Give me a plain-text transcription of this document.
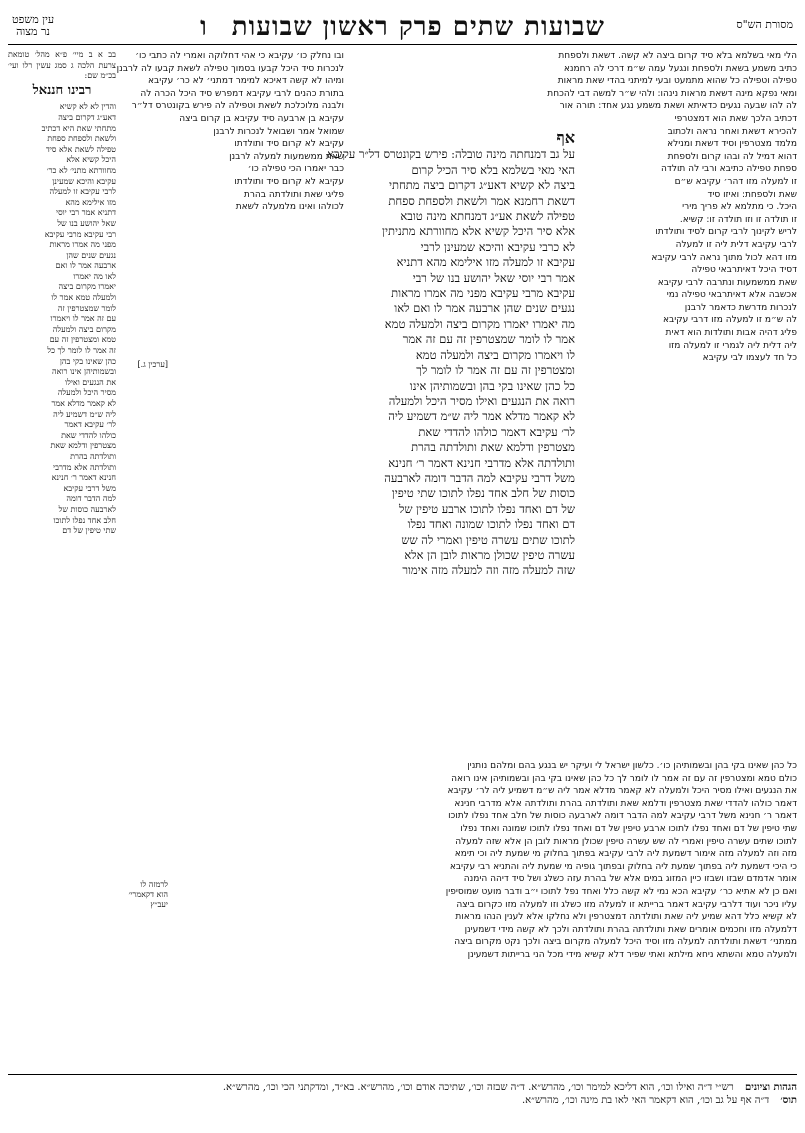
מסורת הש"ס
שבועות שתים פרק ראשון שבועות ו
עין משפט
נר מצוה
הלי מאי בשלמא בלא סיד קרום ביצה לא קשה. דשאת ולספחת
כתיב משמע בשאת ולספחת ונגעל עמה ש״מ דרכי לה רחמנא
טפילה וטפילה כל שהוא מתמעט ובעי למיתני בהדי שאת מראות
ומאי נפקא מינה דשאת מראות נינהו: ולהי ש״ר למשה דבי להכחת
לה להו שבעה נגעים כדאיתא ושאת משמע נגע אחד: תורה אור
דכתיב הלכך שאת הוא דמצטרפי
להכירא דשאת ואחר נראה ולכתוב
מלמד מצטרפין וסיד דשאת ומנילא
דהוא דמיל לה ובהו קרום ולספחת
ספחת טפילה כתיבא ורבי לה תולדה
זו למעלה מזו דהר׳ עקיבא ש״ם
שאת ולספחת: ואיזו סיד
היכל. כי מתלמא לא פריך מירי
זו תולדה זו וזו תולדה זו: קשיא.
לריש לקינוך לרבי קרום לסיד ותולדתו
לרבי עקיבא דלית ליה זו למעלה
מזו דהא לכול מתוך נראה לרבי עקיבא
דסיד היכל דאיתרבאי טפילה
שאת ממשמעות ונתרבה לרבי עקיבא
אכשבה אלא דאיתרבאי טפילה נמי
לנכרות מדרשת כדאמר לרבנן
לה ש״מ זו למעלה מזו דרבי עקיבא
פליג דהיה אבות ותולדות הוא דאית
ליה דלית ליה לגמרי זו למעלה מזו
כל חד לעצמו לבי עקיבא
אף
על גב דמנחתה מינה טובלה: פירש בקונטרס דל״ר עקיבא
האי מאי בשלמא בלא סיר הכיל קרום
ביצה לא קשיא דאע״ג דקרום ביצה מתחתי
דשאת רחמנא אמר ולשאת ולספחת ספחת
טפילה לשאת אע״ג דמנחתא מינה טובא
אלא סיר היכל קשיא אלא מחוורתא מתניתין
לא כרבי עקיבא והיכא שמעינן לרבי
עקיבא זו למעלה מזו אילימא מהא דתניא
אמר רבי יוסי שאל יהושע בנו של רבי
עקיבא מרבי עקיבא מפני מה אמרו מראות
נגעים שנים שהן ארבעה אמר לו ואם לאו
מה יאמרו יאמרו מקרום ביצה ולמעלה טמא
אמר לו לומר שמצטרפין זה עם זה אמר
לו ויאמרו מקרום ביצה ולמעלה טמא
ומצטרפין זה עם זה אמר לו לומר לך
כל כהן שאינו בקי בהן ובשמותיהן אינו
רואה את הנגעים ואילו מסיר היכל ולמעלה
לא קאמר מדלא אמר ליה ש״מ דשמיע ליה
לר׳ עקיבא דאמר כולהו להדדי שאת
מצטרפין ודלמא שאת ותולדתה בהרת
ותולדתה אלא מדרבי חנינא דאמר ר׳ חנינא
משל דרבי עקיבא למה הדבר דומה לארבעה
כוסות של חלב אחד נפלו לתוכו שתי טיפין
של דם ואחד נפלו לתוכו ארבע טיפין של
דם ואחד נפלו לתוכו שמונה ואחד נפלו
לתוכו שתים עשרה טיפין ואמרי לה שש
עשרה טיפין שכולן מראות לובן הן אלא
שזה למעלה מזה וזה למעלה מזה אימור
ובו נחלק כו׳ עקיבא כי אהי דחלוקה ואמרי לה כתבי כו׳
לנכרות סיד היכל קבעו בסמוך טפילה לשאת קבעו לה לרבנן
ומיהו לא קשה דאיכא למימר דמתני׳ לא כר׳ עקיבא
בתורת כהנים לרבי עקיבא דמפרש סיד היכל הכרה לה
ולבנה מלוכלכת לשאת וטפילה לה פירש בקונטרס דל״ר
עקיבא בן ארבעה סיד עקיבא בן קרום ביצה
שמואל אמר ושבואל לנכרות לרבנן
עקיבא לא קרום סיד ותולדתו
שאת ממשמעות למעלה לרבנן
כבר יאמרו הכי טפילה כו׳
עקיבא לא קרום סיד ותולדתו
פליגי שאת ותולדתה בהרת
לכולהו ואינו מלמעלה לשאת
בב א ב מיי׳ פ״א מהל׳ טומאת צרעת הלכה ג סמג עשין רלו ועי׳ בכ״מ שם:
רבינו חננאל
והדין לא לא קשיא
דאע״ג דקרום ביצה
מתחתי שאת היא דכתיב
ולשאת ולספחת ספחת
טפילה לשאת אלא סיד
היכל קשיא אלא
מחוורתא מתני׳ לא כר׳
עקיבא והיכא שמעינן
לרבי עקיבא זו למעלה
מזו אילימא מהא
דתניא אמר רבי יוסי
שאל יהושע בנו של
רבי עקיבא מרבי עקיבא
מפני מה אמרו מראות
נגעים שנים שהן
ארבעה אמר לו ואם
לאו מה יאמרו
יאמרו מקרום ביצה
ולמעלה טמא אמר לו
לומר שמצטרפין זה
עם זה אמר לו ויאמרו
מקרום ביצה ולמעלה
טמא ומצטרפין זה עם
זה אמר לו לומר לך כל
כהן שאינו בקי בהן
ובשמותיהן אינו רואה
את הנגעים ואילו
מסיר היכל ולמעלה
לא קאמר מדלא אמר
ליה ש״מ דשמיע ליה
לר׳ עקיבא דאמר
כולהו להדדי שאת
מצטרפין ודלמא שאת
ותולדתה בהרת
ותולדתה אלא מדרבי
חנינא דאמר ר׳ חנינא
משל דרבי עקיבא
למה הדבר דומה
לארבעה כוסות של
חלב אחד נפלו לתוכו
שתי טיפין של דם
[ערכין ג.]
לרמזה לו הוא דקאמרי׳ יעב״ץ
כל כהן שאינו בקי בהן ובשמותיהן כו׳. כלשון ישראל לי ועיקר יש בנגע בהם ומלהם נותנין
כולם טמא ומצטרפין זה עם זה אמר לו לומר לך כל כהן שאינו בקי בהן ובשמותיהן אינו רואה
את הנגעים ואילו מסיר היכל ולמעלה לא קאמר מדלא אמר ליה ש״מ דשמיע ליה לר׳ עקיבא
דאמר כולהו להדדי שאת מצטרפין ודלמא שאת ותולדתה בהרת ותולדתה אלא מדרבי חנינא
דאמר ר׳ חנינא משל דרבי עקיבא למה הדבר דומה לארבעה כוסות של חלב אחד נפלו לתוכו
שתי טיפין של דם ואחד נפלו לתוכו ארבע טיפין של דם ואחד נפלו לתוכו שמונה ואחד נפלו
לתוכו שתים עשרה טיפין ואמרי לה שש עשרה טיפין שכולן מראות לובן הן אלא שזה למעלה
מזה וזה למעלה מזה אימור דשמעת ליה לרבי עקיבא בפתוך בחלוק מי שמעת ליה וכי תימא
כי היכי דשמעת ליה בפתוך שמעת ליה בחלוק ובפתוך גופיה מי שמעת ליה והתניא רבי עקיבא
אומר אדמדם שבזו ושבזו כיין המזוג במים אלא של בהרת עזה כשלג ושל סיד דיהה הימנה
ואם כן לא אתיא כר׳ עקיבא הכא נמי לא קשה כלל ואחד נפל לתוכו י״ב ודבר מועט שמוסיפין
עליו ניכר ועוד דלרבי עקיבא דאמר ברייתא זו למעלה מזו כשלג וזו למעלה מזו כקרום ביצה
לא קשיא כלל דהא שמיע ליה שאת ותולדתה דמצטרפין ולא נחלקו אלא לענין הנהו מראות
דלמעלה מזו וחכמים אומרים שאת ותולדתה בהרת ותולדתה ולכך לא קשה מידי דשמעינן
ממתני׳ דשאת ותולדתה למעלה מזו וסיד היכל למעלה מקרום ביצה ולכך נקט מקרום ביצה
ולמעלה טמא והשתא ניחא מילתא ואתי שפיר דלא קשיא מידי מכל הני ברייתות דשמעינן
הגהות וציונים רש״י ד״ה ואילו וכו׳, הוא דליכא למימר וכו׳, מהרש״א. ד״ה שבזה וכו׳, שתיכה אודם וכו׳, מהרש״א. בא״ד, ומדקתני הכי וכו׳, מהרש״א.
תוס׳ ד״ה אף על גב וכו׳, הוא דקאמר האי לאו בת מינה וכו׳, מהרש״א.
